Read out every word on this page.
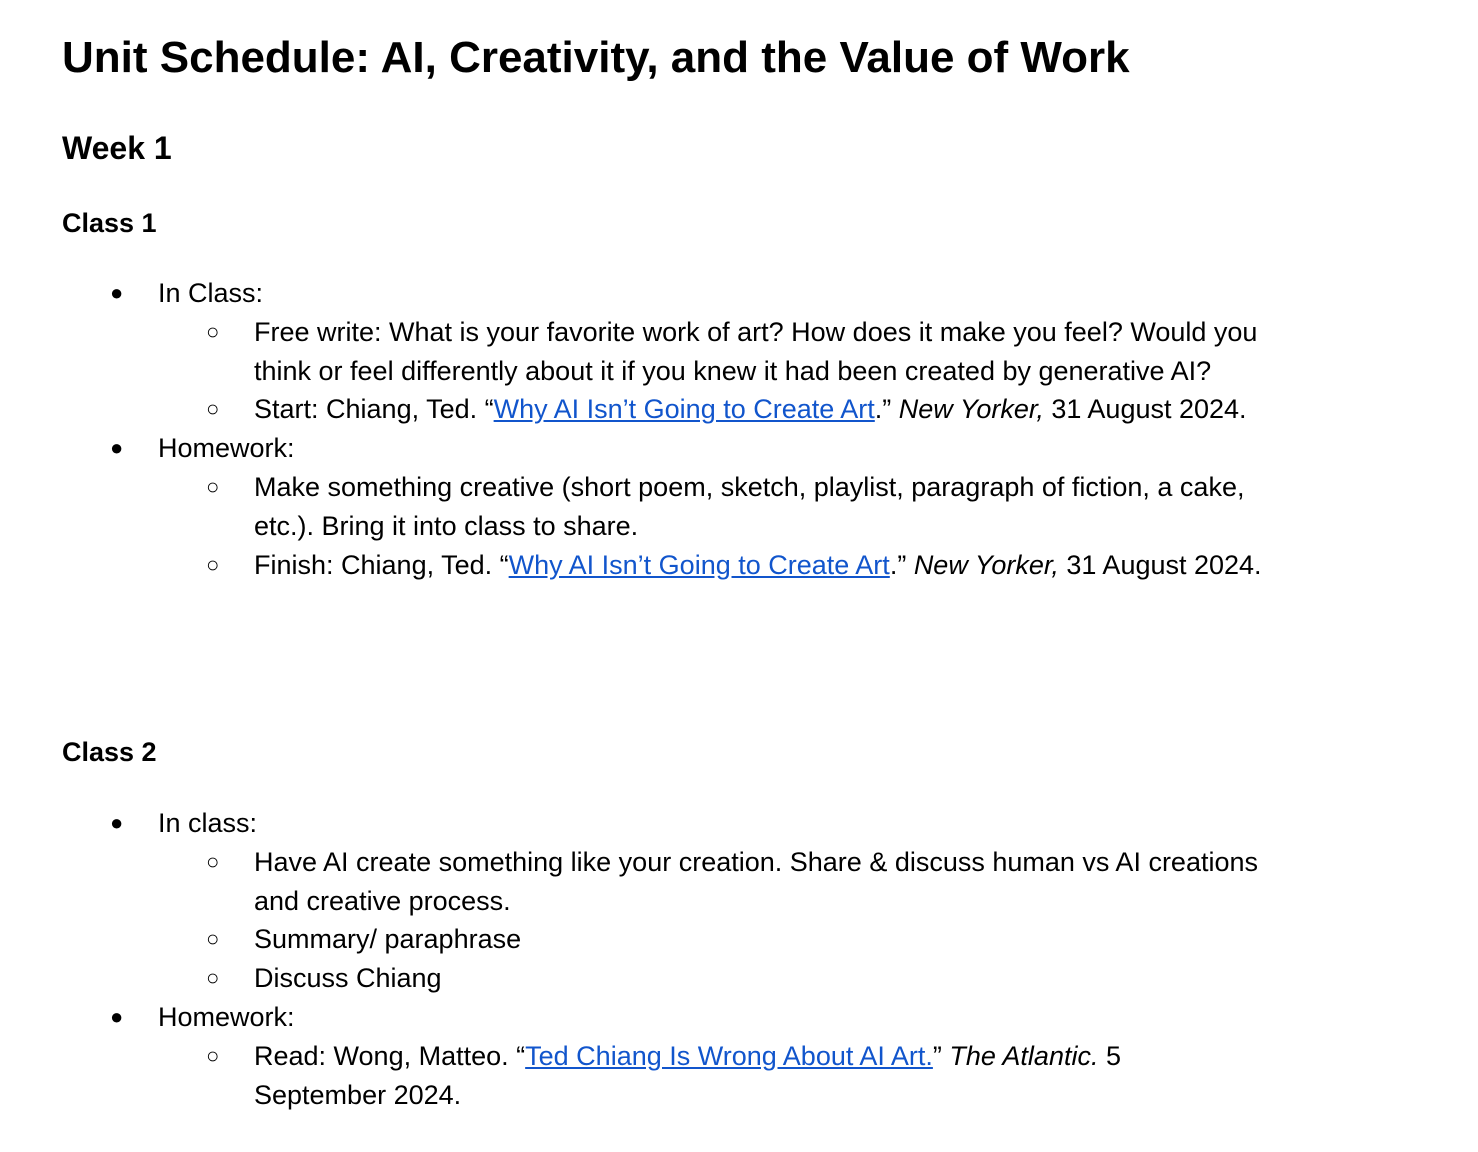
Unit Schedule: AI, Creativity, and the Value of Work
Week 1
Class 1
● In Class:
○ Free write: What is your favorite work of art? How does it make you feel? Would you think or feel differently about it if you knew it had been created by generative AI?
○ Start: Chiang, Ted. “Why AI Isn’t Going to Create Art.” New Yorker, 31 August 2024.
● Homework:
○ Make something creative (short poem, sketch, playlist, paragraph of fiction, a cake, etc.). Bring it into class to share.
○ Finish: Chiang, Ted. “Why AI Isn’t Going to Create Art.” New Yorker, 31 August 2024.
Class 2
● In class:
○ Have AI create something like your creation. Share & discuss human vs AI creations and creative process.
○ Summary/ paraphrase
○ Discuss Chiang
● Homework:
○ Read: Wong, Matteo. “Ted Chiang Is Wrong About AI Art.” The Atlantic. 5 September 2024.
